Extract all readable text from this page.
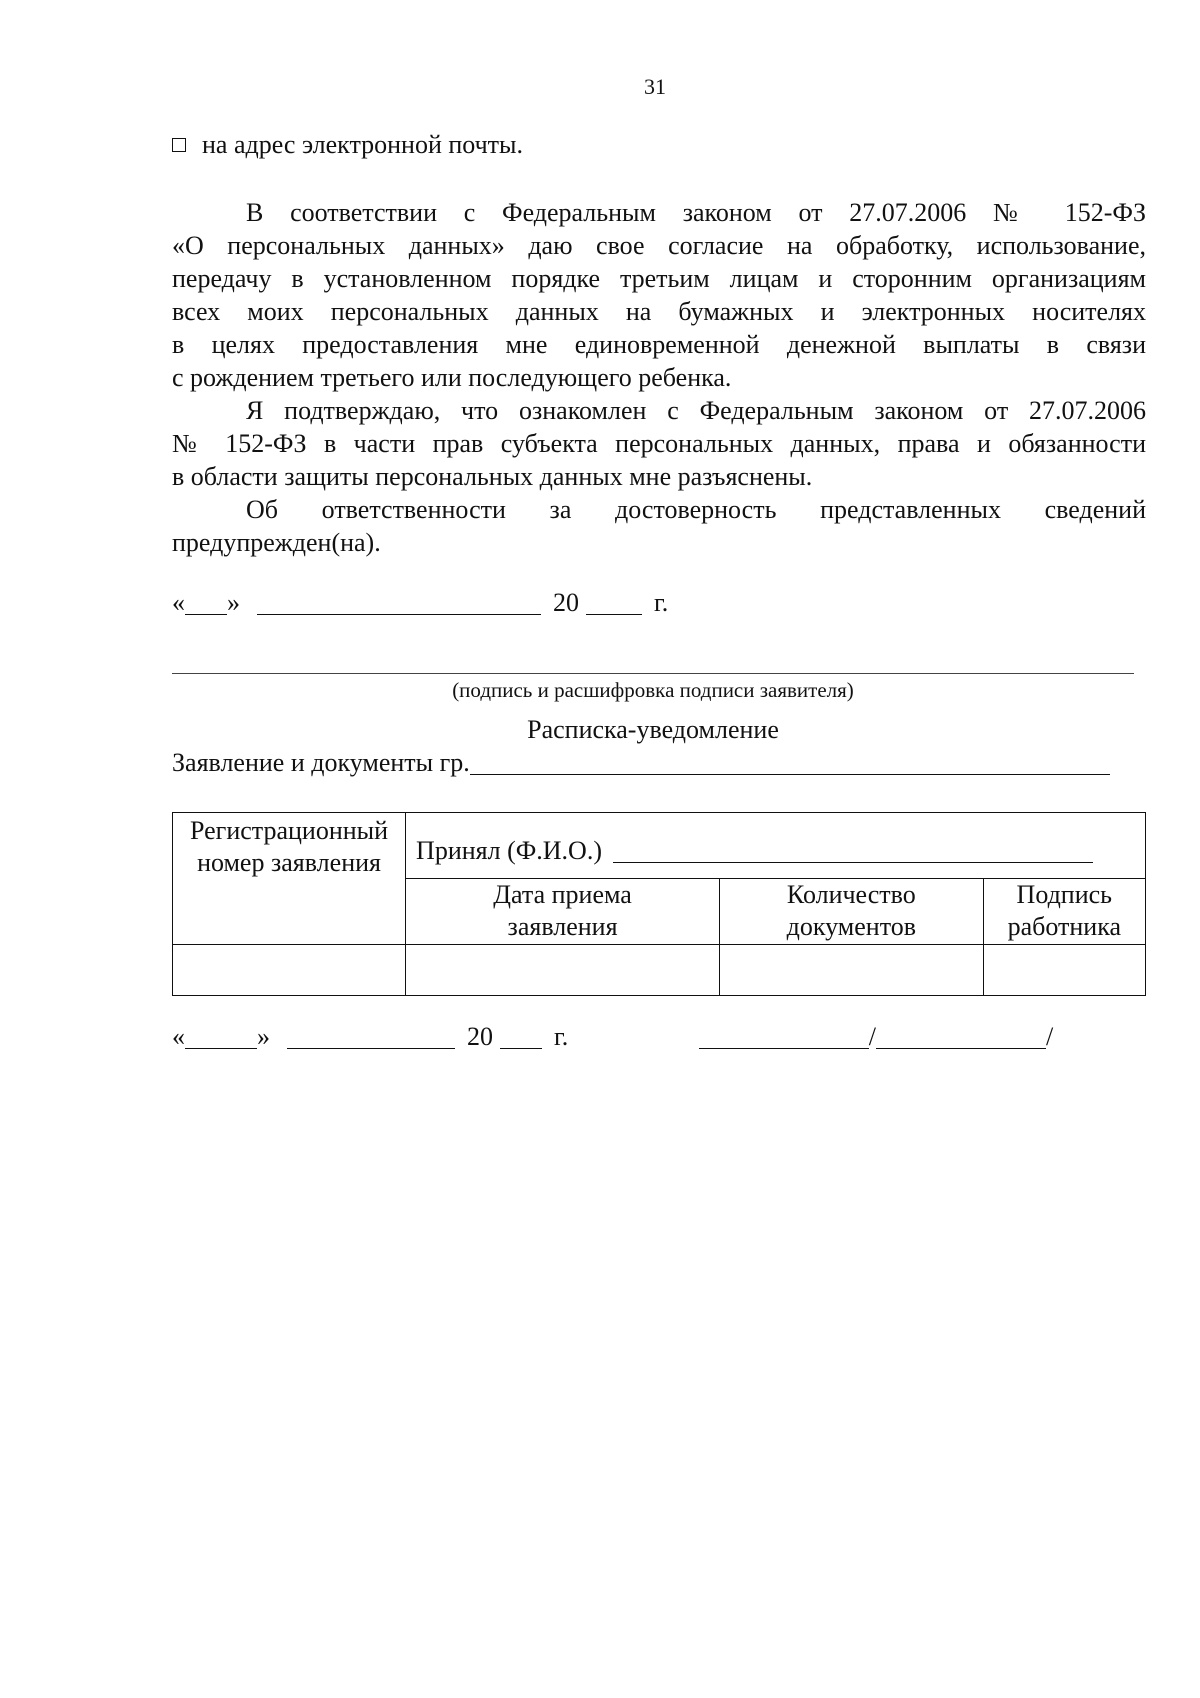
31
на адрес электронной почты.
В соответствии с Федеральным законом от 27.07.2006 № 152-ФЗ
«О персональных данных» даю свое согласие на обработку, использование,
передачу в установленном порядке третьим лицам и сторонним организациям
всех моих персональных данных на бумажных и электронных носителях
в целях предоставления мне единовременной денежной выплаты в связи
с рождением третьего или последующего ребенка.
Я подтверждаю, что ознакомлен с Федеральным законом от 27.07.2006
№ 152-ФЗ в части прав субъекта персональных данных, права и обязанности
в области защиты персональных данных мне разъяснены.
Об ответственности за достоверность представленных сведений
предупрежден(на).
« »	20	г.
(подпись и расшифровка подписи заявителя)
Расписка-уведомление
Заявление и документы гр.
Регистрационный номер заявления	Принял (Ф.И.О.)		
	Дата приема заявления	Количество документов	Подпись работника

«	»	20 г.	/	/
